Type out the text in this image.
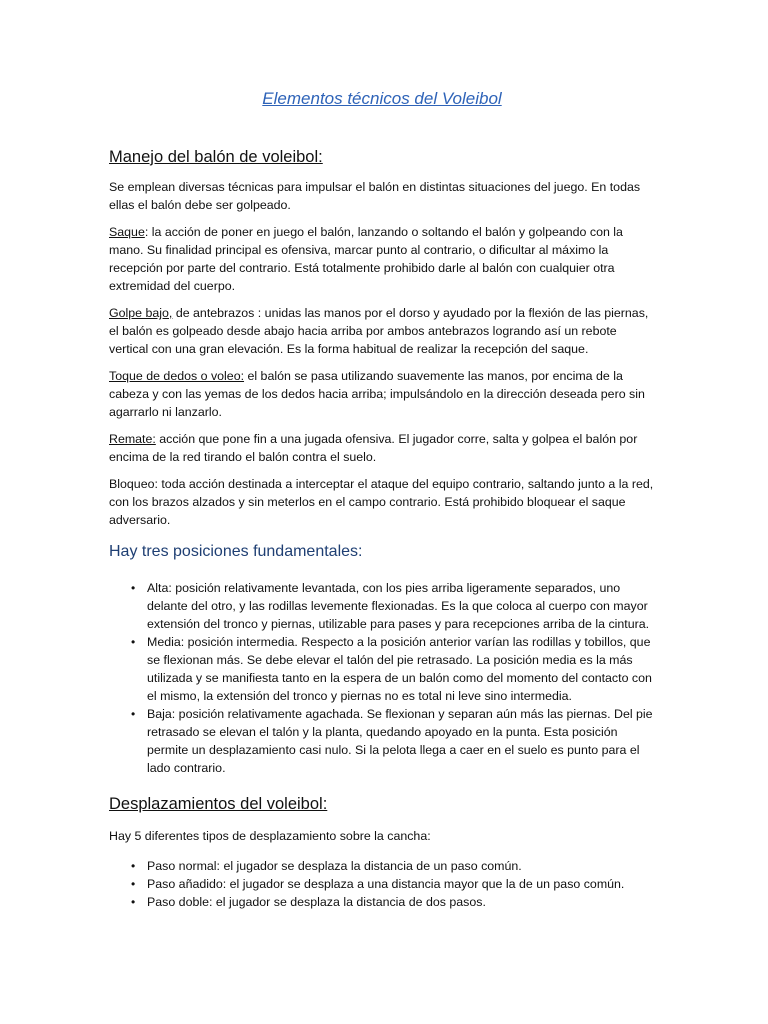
Elementos técnicos del Voleibol
Manejo del balón de voleibol:

Se emplean diversas técnicas para impulsar el balón en distintas situaciones del juego. En todas ellas el balón debe ser golpeado.

Saque: la acción de poner en juego el balón, lanzando o soltando el balón y golpeando con la mano. Su finalidad principal es ofensiva, marcar punto al contrario, o dificultar al máximo la recepción por parte del contrario. Está totalmente prohibido darle al balón con cualquier otra extremidad del cuerpo.

Golpe bajo, de antebrazos : unidas las manos por el dorso y ayudado por la flexión de las piernas, el balón es golpeado desde abajo hacia arriba por ambos antebrazos logrando así un rebote vertical con una gran elevación. Es la forma habitual de realizar la recepción del saque.

Toque de dedos o voleo: el balón se pasa utilizando suavemente las manos, por encima de la cabeza y con las yemas de los dedos hacia arriba; impulsándolo en la dirección deseada pero sin agarrarlo ni lanzarlo.

Remate: acción que pone fin a una jugada ofensiva. El jugador corre, salta y golpea el balón por encima de la red tirando el balón contra el suelo.

Bloqueo: toda acción destinada a interceptar el ataque del equipo contrario, saltando junto a la red, con los brazos alzados y sin meterlos en el campo contrario. Está prohibido bloquear el saque adversario.

Hay tres posiciones fundamentales:
• Alta: posición relativamente levantada, con los pies arriba ligeramente separados, uno delante del otro, y las rodillas levemente flexionadas. Es la que coloca al cuerpo con mayor extensión del tronco y piernas, utilizable para pases y para recepciones arriba de la cintura.
• Media: posición intermedia. Respecto a la posición anterior varían las rodillas y tobillos, que se flexionan más. Se debe elevar el talón del pie retrasado. La posición media es la más utilizada y se manifiesta tanto en la espera de un balón como del momento del contacto con el mismo, la extensión del tronco y piernas no es total ni leve sino intermedia.
• Baja: posición relativamente agachada. Se flexionan y separan aún más las piernas. Del pie retrasado se elevan el talón y la planta, quedando apoyado en la punta. Esta posición permite un desplazamiento casi nulo. Si la pelota llega a caer en el suelo es punto para el lado contrario.
Desplazamientos del voleibol:

Hay 5 diferentes tipos de desplazamiento sobre la cancha:

• Paso normal: el jugador se desplaza la distancia de un paso común.
• Paso añadido: el jugador se desplaza a una distancia mayor que la de un paso común.
• Paso doble: el jugador se desplaza la distancia de dos pasos.
